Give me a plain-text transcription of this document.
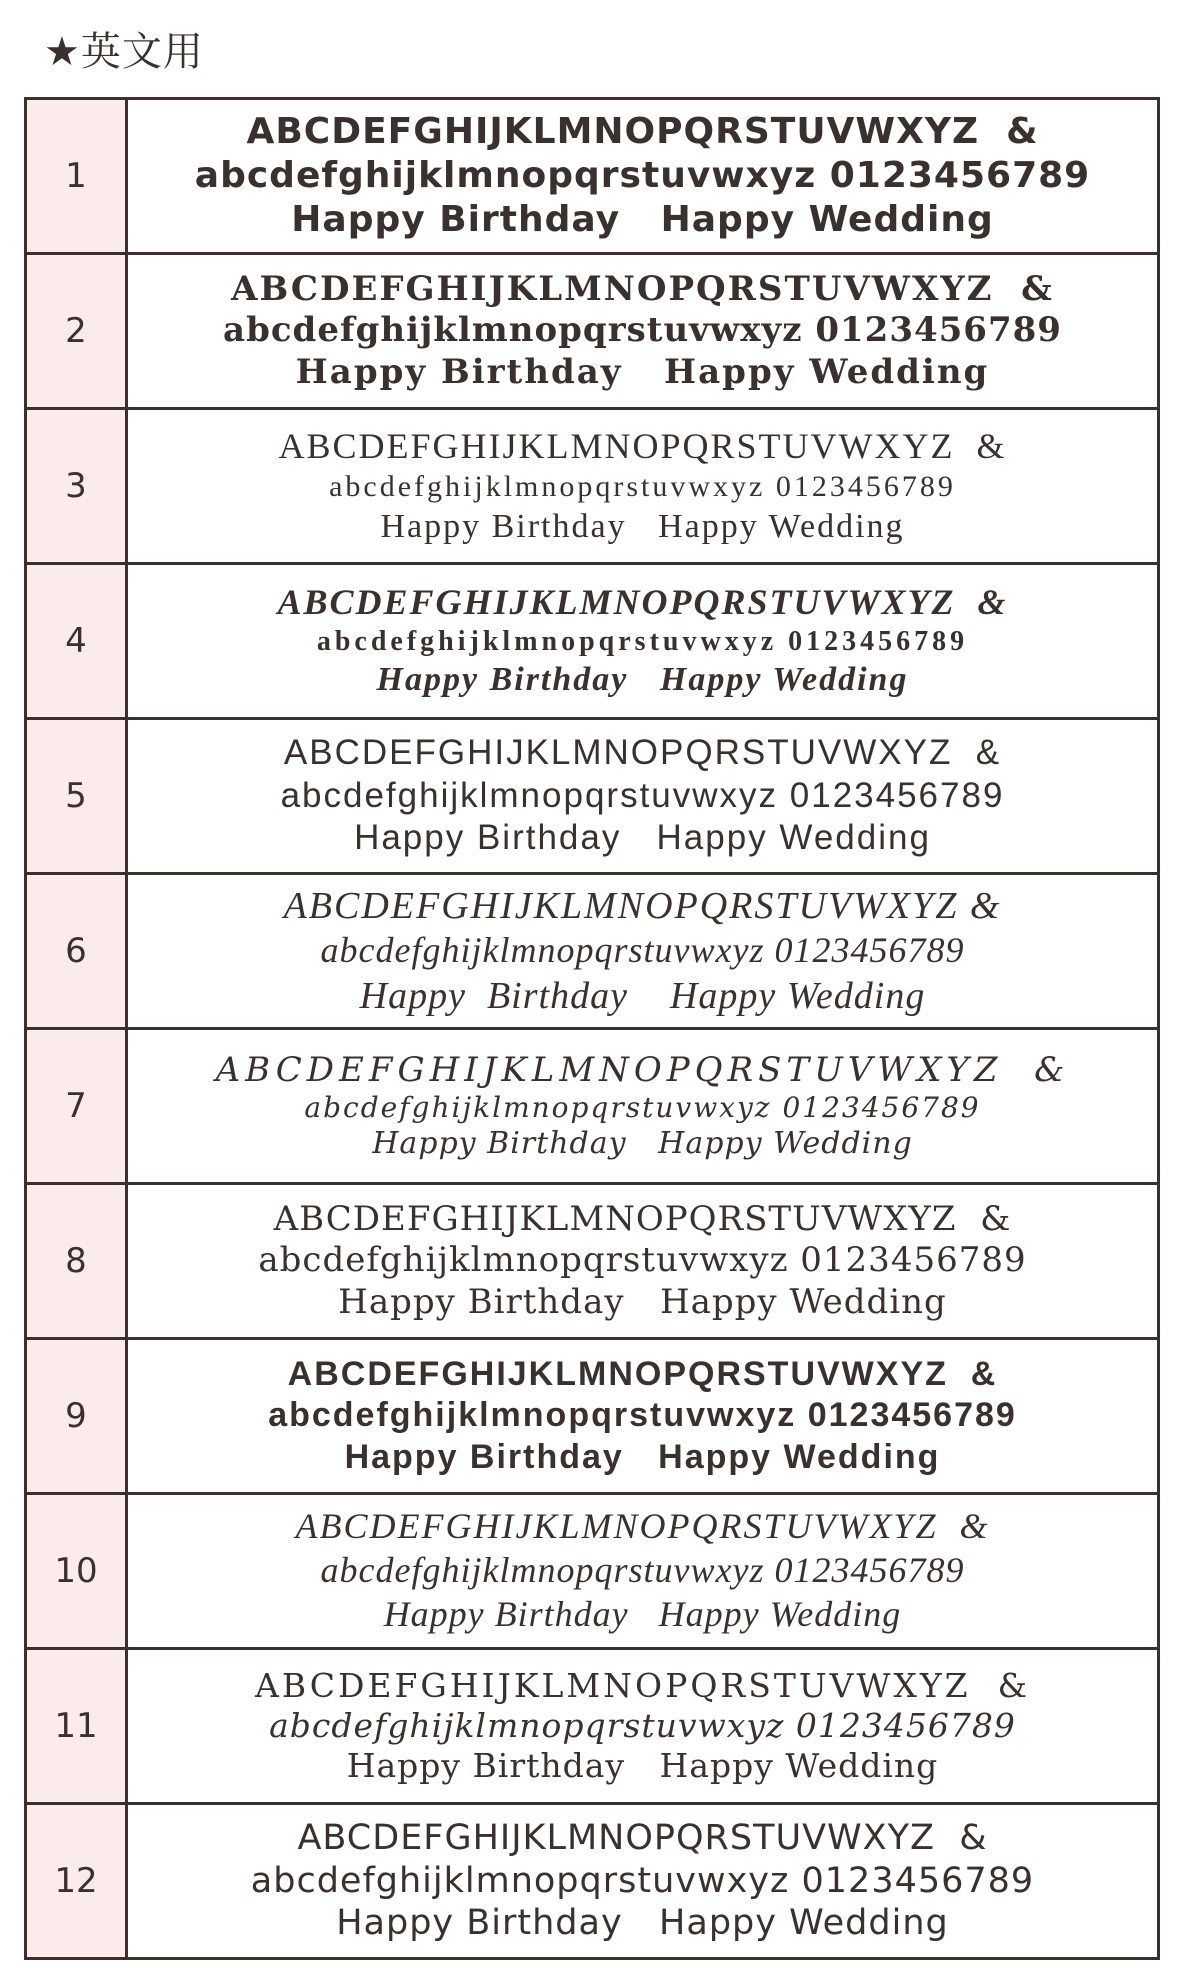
★英文用
1
ABCDEFGHIJKLMNOPQRSTUVWXYZ  &
abcdefghijklmnopqrstuvwxyz 0123456789
Happy Birthday   Happy Wedding
2
ABCDEFGHIJKLMNOPQRSTUVWXYZ  &
abcdefghijklmnopqrstuvwxyz 0123456789
Happy Birthday   Happy Wedding
3
ABCDEFGHIJKLMNOPQRSTUVWXYZ  &
abcdefghijklmnopqrstuvwxyz 0123456789
Happy Birthday   Happy Wedding
4
ABCDEFGHIJKLMNOPQRSTUVWXYZ  &
abcdefghijklmnopqrstuvwxyz 0123456789
Happy Birthday   Happy Wedding
5
ABCDEFGHIJKLMNOPQRSTUVWXYZ  &
abcdefghijklmnopqrstuvwxyz 0123456789
Happy Birthday   Happy Wedding
6
ABCDEFGHIJKLMNOPQRSTUVWXYZ &
abcdefghijklmnopqrstuvwxyz 0123456789
Happy  Birthday    Happy Wedding
7
ABCDEFGHIJKLMNOPQRSTUVWXYZ  &
abcdefghijklmnopqrstuvwxyz 0123456789
Happy Birthday   Happy Wedding
8
ABCDEFGHIJKLMNOPQRSTUVWXYZ  &
abcdefghijklmnopqrstuvwxyz 0123456789
Happy Birthday   Happy Wedding
9
ABCDEFGHIJKLMNOPQRSTUVWXYZ  &
abcdefghijklmnopqrstuvwxyz 0123456789
Happy Birthday   Happy Wedding
10
ABCDEFGHIJKLMNOPQRSTUVWXYZ  &
abcdefghijklmnopqrstuvwxyz 0123456789
Happy Birthday   Happy Wedding
11
ABCDEFGHIJKLMNOPQRSTUVWXYZ  &
abcdefghijklmnopqrstuvwxyz 0123456789
Happy Birthday   Happy Wedding
12
ABCDEFGHIJKLMNOPQRSTUVWXYZ  &
abcdefghijklmnopqrstuvwxyz 0123456789
Happy Birthday   Happy Wedding
